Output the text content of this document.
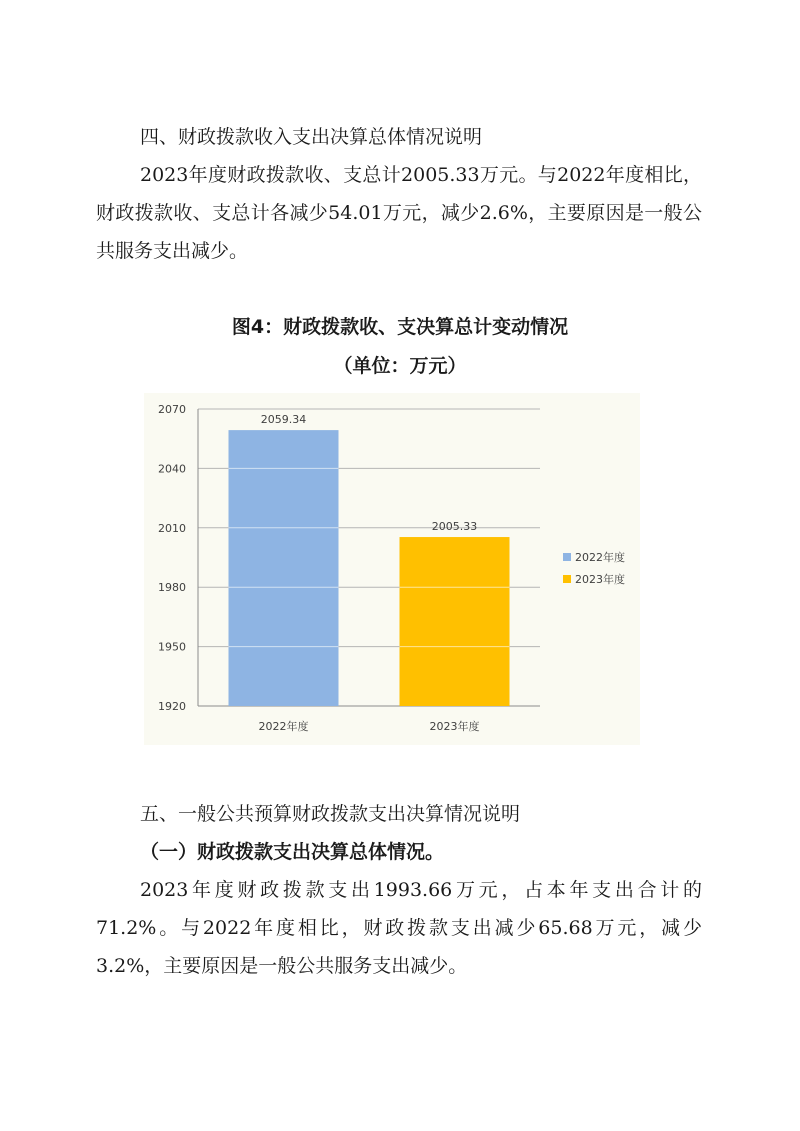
四、财政拨款收入支出决算总体情况说明

2023年度财政拨款收、支总计2005.33万元。与2022年度相比，财政拨款收、支总计各减少54.01万元，减少2.6%，主要原因是一般公共服务支出减少。

图4：财政拨款收、支决算总计变动情况

（单位：万元）

1920
1950
1980
2010
2040
2070
2059.34
2022年度
2005.33
2023年度
2022年度
2023年度

五、一般公共预算财政拨款支出决算情况说明

（一）财政拨款支出决算总体情况。

2023年度财政拨款支出1993.66万元，占本年支出合计的71.2%。与2022年度相比，财政拨款支出减少65.68万元，减少3.2%，主要原因是一般公共服务支出减少。
